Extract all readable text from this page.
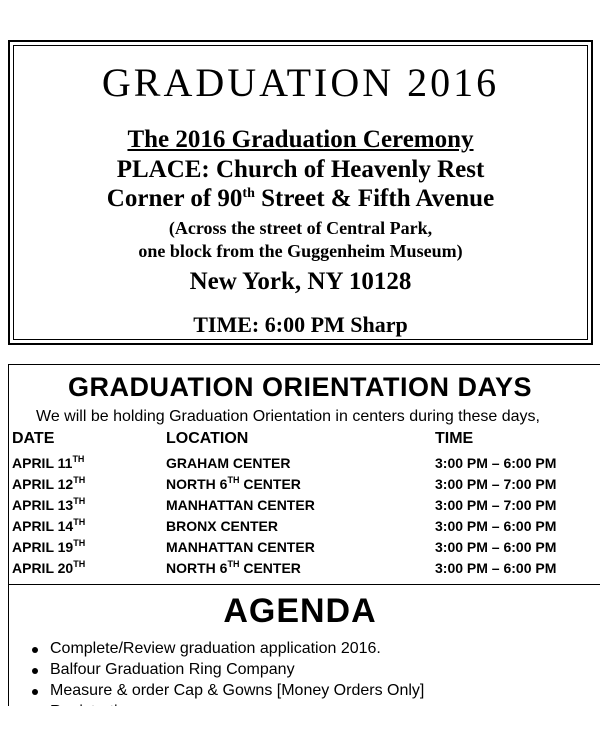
GRADUATION 2016
The 2016 Graduation Ceremony
PLACE: Church of Heavenly Rest
Corner of 90th Street & Fifth Avenue
(Across the street of Central Park,
one block from the Guggenheim Museum)
New York, NY 10128
TIME: 6:00 PM Sharp
GRADUATION ORIENTATION DAYS
We will be holding Graduation Orientation in centers during these days,
DATE	LOCATION	TIME
APRIL 11TH	GRAHAM CENTER	3:00 PM – 6:00 PM
APRIL 12TH	NORTH 6TH CENTER	3:00 PM – 7:00 PM
APRIL 13TH	MANHATTAN CENTER	3:00 PM – 7:00 PM
APRIL 14TH	BRONX CENTER	3:00 PM – 6:00 PM
APRIL 19TH	MANHATTAN CENTER	3:00 PM – 6:00 PM
APRIL 20TH	NORTH 6TH CENTER	3:00 PM – 6:00 PM
AGENDA
Complete/Review graduation application 2016.
Balfour Graduation Ring Company
Measure & order Cap & Gowns [Money Orders Only]
